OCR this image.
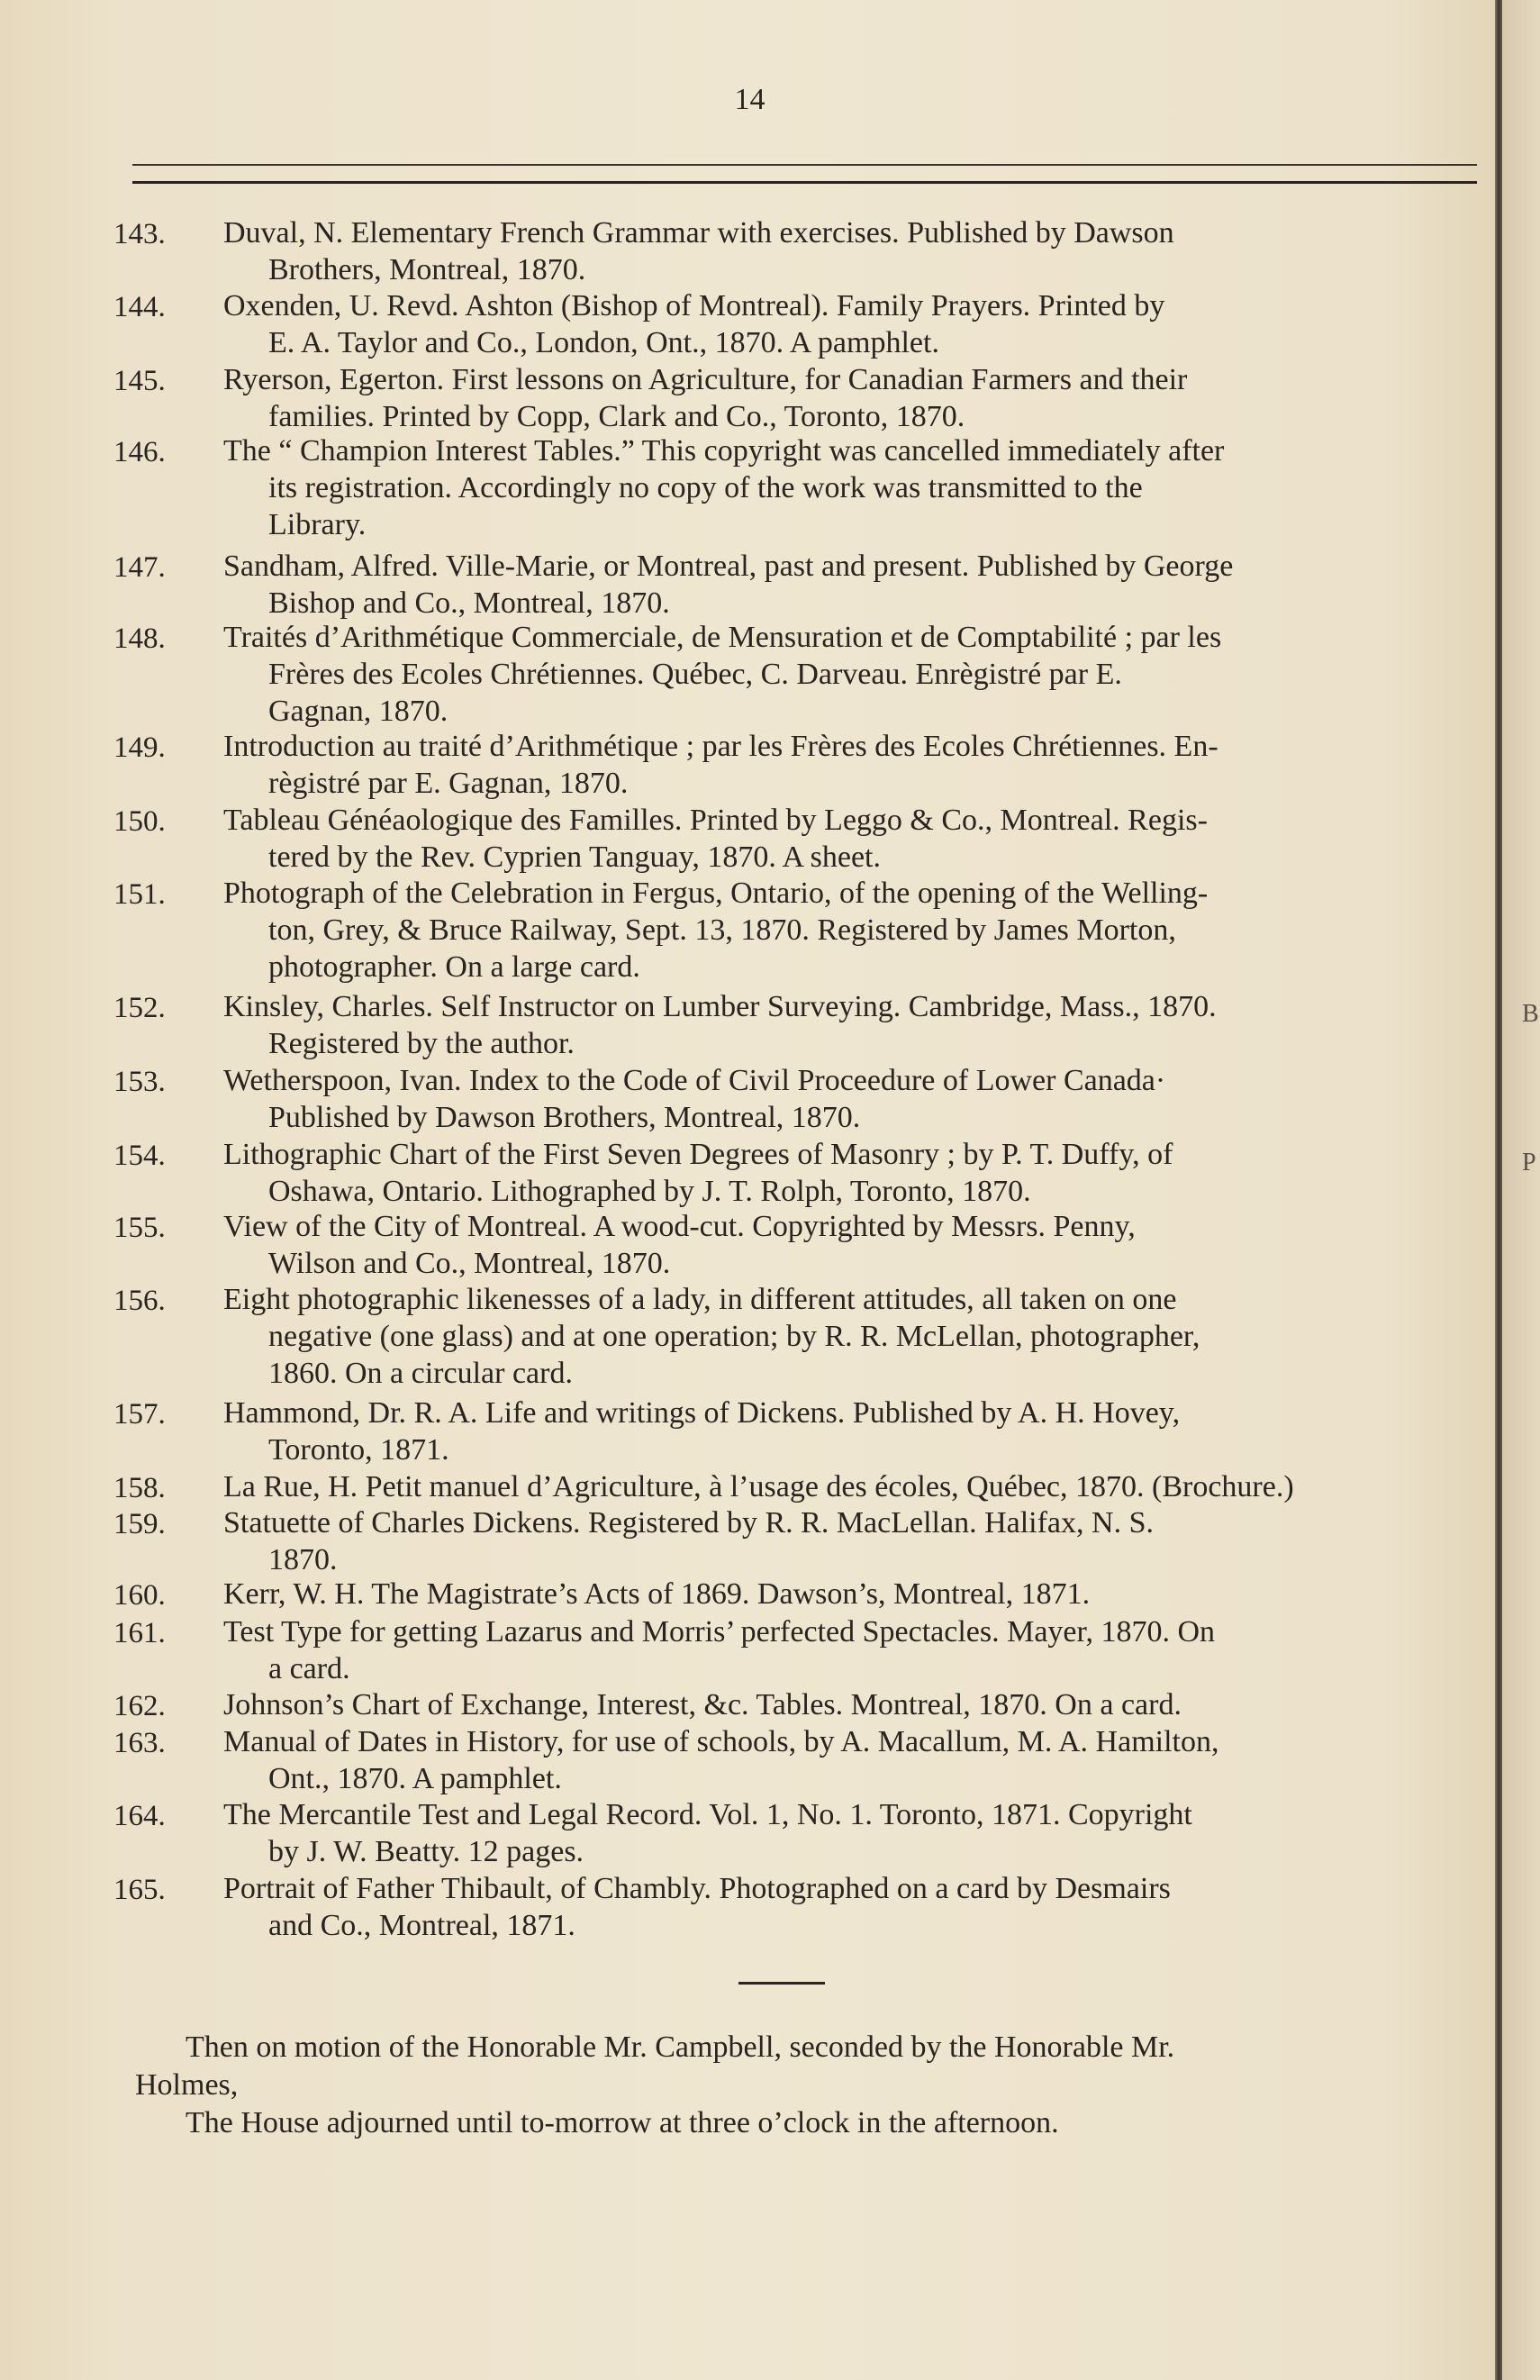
B
P
14
143. Duval, N. Elementary French Grammar with exercises. Published by Dawson
Brothers, Montreal, 1870.
144. Oxenden, U. Revd. Ashton (Bishop of Montreal). Family Prayers. Printed by
E. A. Taylor and Co., London, Ont., 1870. A pamphlet.
145. Ryerson, Egerton. First lessons on Agriculture, for Canadian Farmers and their
families. Printed by Copp, Clark and Co., Toronto, 1870.
146. The “ Champion Interest Tables.” This copyright was cancelled immediately after
its registration. Accordingly no copy of the work was transmitted to the
Library.
147. Sandham, Alfred. Ville-Marie, or Montreal, past and present. Published by George
Bishop and Co., Montreal, 1870.
148. Traités d’Arithmétique Commerciale, de Mensuration et de Comptabilité ; par les
Frères des Ecoles Chrétiennes. Québec, C. Darveau. Enrègistré par E.
Gagnan, 1870.
149. Introduction au traité d’Arithmétique ; par les Frères des Ecoles Chrétiennes. En-
règistré par E. Gagnan, 1870.
150. Tableau Généaologique des Familles. Printed by Leggo & Co., Montreal. Regis-
tered by the Rev. Cyprien Tanguay, 1870. A sheet.
151. Photograph of the Celebration in Fergus, Ontario, of the opening of the Welling-
ton, Grey, & Bruce Railway, Sept. 13, 1870. Registered by James Morton,
photographer. On a large card.
152. Kinsley, Charles. Self Instructor on Lumber Surveying. Cambridge, Mass., 1870.
Registered by the author.
153. Wetherspoon, Ivan. Index to the Code of Civil Proceedure of Lower Canada·
Published by Dawson Brothers, Montreal, 1870.
154. Lithographic Chart of the First Seven Degrees of Masonry ; by P. T. Duffy, of
Oshawa, Ontario. Lithographed by J. T. Rolph, Toronto, 1870.
155. View of the City of Montreal. A wood-cut. Copyrighted by Messrs. Penny,
Wilson and Co., Montreal, 1870.
156. Eight photographic likenesses of a lady, in different attitudes, all taken on one
negative (one glass) and at one operation; by R. R. McLellan, photographer,
1860. On a circular card.
157. Hammond, Dr. R. A. Life and writings of Dickens. Published by A. H. Hovey,
Toronto, 1871.
158. La Rue, H. Petit manuel d’Agriculture, à l’usage des écoles, Québec, 1870. (Brochure.)
159. Statuette of Charles Dickens. Registered by R. R. MacLellan. Halifax, N. S.
1870.
160. Kerr, W. H. The Magistrate’s Acts of 1869. Dawson’s, Montreal, 1871.
161. Test Type for getting Lazarus and Morris’ perfected Spectacles. Mayer, 1870. On
a card.
162. Johnson’s Chart of Exchange, Interest, &c. Tables. Montreal, 1870. On a card.
163. Manual of Dates in History, for use of schools, by A. Macallum, M. A. Hamilton,
Ont., 1870. A pamphlet.
164. The Mercantile Test and Legal Record. Vol. 1, No. 1. Toronto, 1871. Copyright
by J. W. Beatty. 12 pages.
165. Portrait of Father Thibault, of Chambly. Photographed on a card by Desmairs
and Co., Montreal, 1871.

Then on motion of the Honorable Mr. Campbell, seconded by the Honorable Mr.

Holmes,

The House adjourned until to-morrow at three o’clock in the afternoon.
